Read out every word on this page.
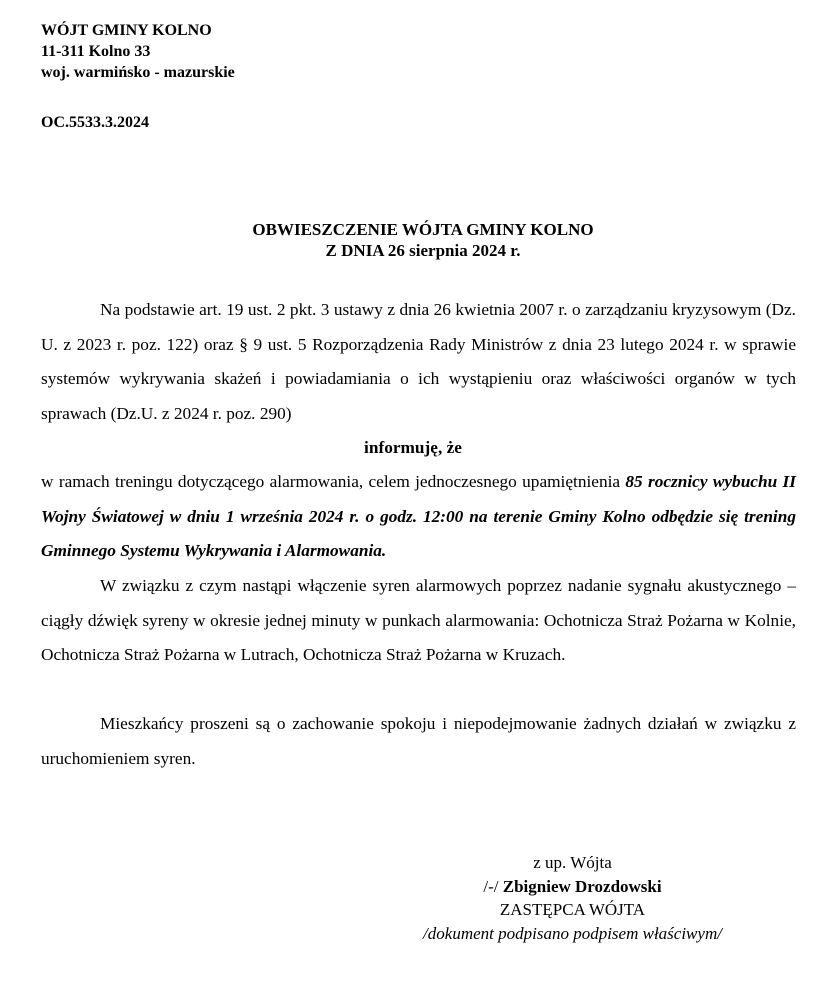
WÓJT GMINY KOLNO
11-311 Kolno 33
woj. warmińsko - mazurskie
OC.5533.3.2024
OBWIESZCZENIE WÓJTA GMINY KOLNO
Z DNIA 26 sierpnia 2024 r.
Na podstawie art. 19 ust. 2 pkt. 3 ustawy z dnia 26 kwietnia 2007 r. o zarządzaniu kryzysowym (Dz. U. z 2023 r. poz. 122) oraz § 9 ust. 5 Rozporządzenia Rady Ministrów z dnia 23 lutego 2024 r. w sprawie systemów wykrywania skażeń i powiadamiania o ich wystąpieniu oraz właściwości organów w tych sprawach (Dz.U. z 2024 r. poz. 290)
informuję, że
w ramach treningu dotyczącego alarmowania, celem jednoczesnego upamiętnienia 85 rocznicy wybuchu II Wojny Światowej w dniu 1 września 2024 r. o godz. 12:00 na terenie Gminy Kolno odbędzie się trening Gminnego Systemu Wykrywania i Alarmowania.
W związku z czym nastąpi włączenie syren alarmowych poprzez nadanie sygnału akustycznego – ciągły dźwięk syreny w okresie jednej minuty w punkach alarmowania: Ochotnicza Straż Pożarna w Kolnie, Ochotnicza Straż Pożarna w Lutrach, Ochotnicza Straż Pożarna w Kruzach.
Mieszkańcy proszeni są o zachowanie spokoju i niepodejmowanie żadnych działań w związku z uruchomieniem syren.
z up. Wójta
/-/ Zbigniew Drozdowski
ZASTĘPCA WÓJTA
/dokument podpisano podpisem właściwym/
